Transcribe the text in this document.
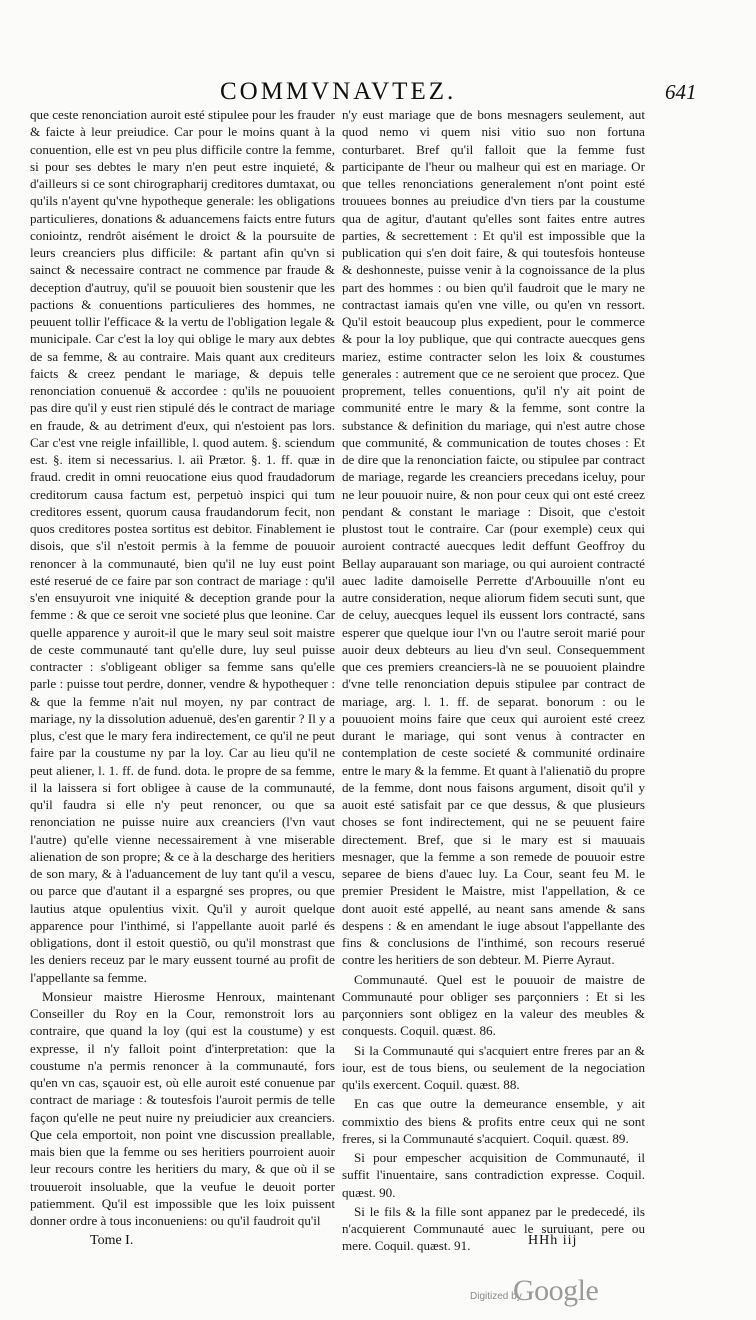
COMMVNAVTEZ.	641

que ceste renonciation auroit esté stipulee pour les frauder & faicte à leur preiudice. Car pour le moins quant à la conuention, elle est vn peu plus difficile contre la femme, si pour ses debtes le mary n'en peut estre inquieté, & d'ailleurs si ce sont chirographarij creditores dumtaxat, ou qu'ils n'ayent qu'vne hypotheque generale: les obligations particulieres, donations & aduancemens faicts entre futurs coniointz, rendrôt aisément le droict & la poursuite de leurs creanciers plus difficile: & partant afin qu'vn si sainct & necessaire contract ne commence par fraude & deception d'autruy, qu'il se pouuoit bien soustenir que les pactions & conuentions particulieres des hommes, ne peuuent tollir l'efficace & la vertu de l'obligation legale & municipale. Car c'est la loy qui oblige le mary aux debtes de sa femme, & au contraire. Mais quant aux crediteurs faicts & creez pendant le mariage, & depuis telle renonciation conuenuë & accordee : qu'ils ne pouuoient pas dire qu'il y eust rien stipulé dés le contract de mariage en fraude, & au detriment d'eux, qui n'estoient pas lors. Car c'est vne reigle infaillible, l. quod autem. §. sciendum est. §. item si necessarius. l. aiì Prætor. §. 1. ff. quæ in fraud. credit in omni reuocatione eius quod fraudadorum creditorum causa factum est, perpetuò inspici qui tum creditores essent, quorum causa fraudandorum fecit, non quos creditores postea sortitus est debitor. Finablement ie disois, que s'il n'estoit permis à la femme de pouuoir renoncer à la communauté, bien qu'il ne luy eust point esté reserué de ce faire par son contract de mariage : qu'il s'en ensuyuroit vne iniquité & deception grande pour la femme : & que ce seroit vne societé plus que leonine. Car quelle apparence y auroit-il que le mary seul soit maistre de ceste communauté tant qu'elle dure, luy seul puisse contracter : s'obligeant obliger sa femme sans qu'elle parle : puisse tout perdre, donner, vendre & hypothequer : & que la femme n'ait nul moyen, ny par contract de mariage, ny la dissolution aduenuë, des'en garentir ? Il y a plus, c'est que le mary fera indirectement, ce qu'il ne peut faire par la coustume ny par la loy. Car au lieu qu'il ne peut aliener, l. 1. ff. de fund. dota. le propre de sa femme, il la laissera si fort obligee à cause de la communauté, qu'il faudra si elle n'y peut renoncer, ou que sa renonciation ne puisse nuire aux creanciers (l'vn vaut l'autre) qu'elle vienne necessairement à vne miserable alienation de son propre; & ce à la descharge des heritiers de son mary, & à l'aduancement de luy tant qu'il a vescu, ou parce que d'autant il a espargné ses propres, ou que lautius atque opulentius vixit. Qu'il y auroit quelque apparence pour l'inthimé, si l'appellante auoit parlé és obligations, dont il estoit questiõ, ou qu'il monstrast que les deniers receuz par le mary eussent tourné au profit de l'appellante sa femme.

Monsieur maistre Hierosme Henroux, maintenant Conseiller du Roy en la Cour, remonstroit lors au contraire, que quand la loy (qui est la coustume) y est expresse, il n'y falloit point d'interpretation: que la coustume n'a permis renoncer à la communauté, fors qu'en vn cas, sçauoir est, où elle auroit esté conuenue par contract de mariage : & toutesfois l'auroit permis de telle façon qu'elle ne peut nuire ny preiudicier aux creanciers. Que cela emportoit, non point vne discussion preallable, mais bien que la femme ou ses heritiers pourroient auoir leur recours contre les heritiers du mary, & que où il se trouueroit insoluable, que la veufue le deuoit porter patiemment. Qu'il est impossible que les loix puissent donner ordre à tous inconueniens: ou qu'il faudroit qu'il

n'y eust mariage que de bons mesnagers seulement, aut quod nemo vi quem nisi vitio suo non fortuna conturbaret. Bref qu'il falloit que la femme fust participante de l'heur ou malheur qui est en mariage. Or que telles renonciations generalement n'ont point esté trouuees bonnes au preiudice d'vn tiers par la coustume qua de agitur, d'autant qu'elles sont faites entre autres parties, & secrettement : Et qu'il est impossible que la publication qui s'en doit faire, & qui toutesfois honteuse & deshonneste, puisse venir à la cognoissance de la plus part des hommes : ou bien qu'il faudroit que le mary ne contractast iamais qu'en vne ville, ou qu'en vn ressort. Qu'il estoit beaucoup plus expedient, pour le commerce & pour la loy publique, que qui contracte auecques gens mariez, estime contracter selon les loix & coustumes generales : autrement que ce ne seroient que procez. Que proprement, telles conuentions, qu'il n'y ait point de communité entre le mary & la femme, sont contre la substance & definition du mariage, qui n'est autre chose que communité, & communication de toutes choses : Et de dire que la renonciation faicte, ou stipulee par contract de mariage, regarde les creanciers precedans iceluy, pour ne leur pouuoir nuire, & non pour ceux qui ont esté creez pendant & constant le mariage : Disoit, que c'estoit plustost tout le contraire. Car (pour exemple) ceux qui auroient contracté auecques ledit deffunt Geoffroy du Bellay auparauant son mariage, ou qui auroient contracté auec ladite damoiselle Perrette d'Arbouuille n'ont eu autre consideration, neque aliorum fidem secuti sunt, que de celuy, auecques lequel ils eussent lors contracté, sans esperer que quelque iour l'vn ou l'autre seroit marié pour auoir deux debteurs au lieu d'vn seul. Consequemment que ces premiers creanciers-là ne se pouuoient plaindre d'vne telle renonciation depuis stipulee par contract de mariage, arg. l. 1. ff. de separat. bonorum : ou le pouuoient moins faire que ceux qui auroient esté creez durant le mariage, qui sont venus à contracter en contemplation de ceste societé & communité ordinaire entre le mary & la femme. Et quant à l'alienatiõ du propre de la femme, dont nous faisons argument, disoit qu'il y auoit esté satisfait par ce que dessus, & que plusieurs choses se font indirectement, qui ne se peuuent faire directement. Bref, que si le mary est si mauuais mesnager, que la femme a son remede de pouuoir estre separee de biens d'auec luy. La Cour, seant feu M. le premier President le Maistre, mist l'appellation, & ce dont auoit esté appellé, au neant sans amende & sans despens : & en amendant le iuge absout l'appellante des fins & conclusions de l'inthimé, son recours reserué contre les heritiers de son debteur. M. Pierre Ayraut.

Communauté. Quel est le pouuoir de maistre de Communauté pour obliger ses parçonniers : Et si les parçonniers sont obligez en la valeur des meubles & conquests. Coquil. quæst. 86.

Si la Communauté qui s'acquiert entre freres par an & iour, est de tous biens, ou seulement de la negociation qu'ils exercent. Coquil. quæst. 88.

En cas que outre la demeurance ensemble, y ait commixtio des biens & profits entre ceux qui ne sont freres, si la Communauté s'acquiert. Coquil. quæst. 89.

Si pour empescher acquisition de Communauté, il suffit l'inuentaire, sans contradiction expresse. Coquil. quæst. 90.

Si le fils & la fille sont appanez par le predecedé, ils n'acquierent Communauté auec le suruiuant, pere ou mere. Coquil. quæst. 91.

Tome I.	HHh iij
Digitized by
Google
